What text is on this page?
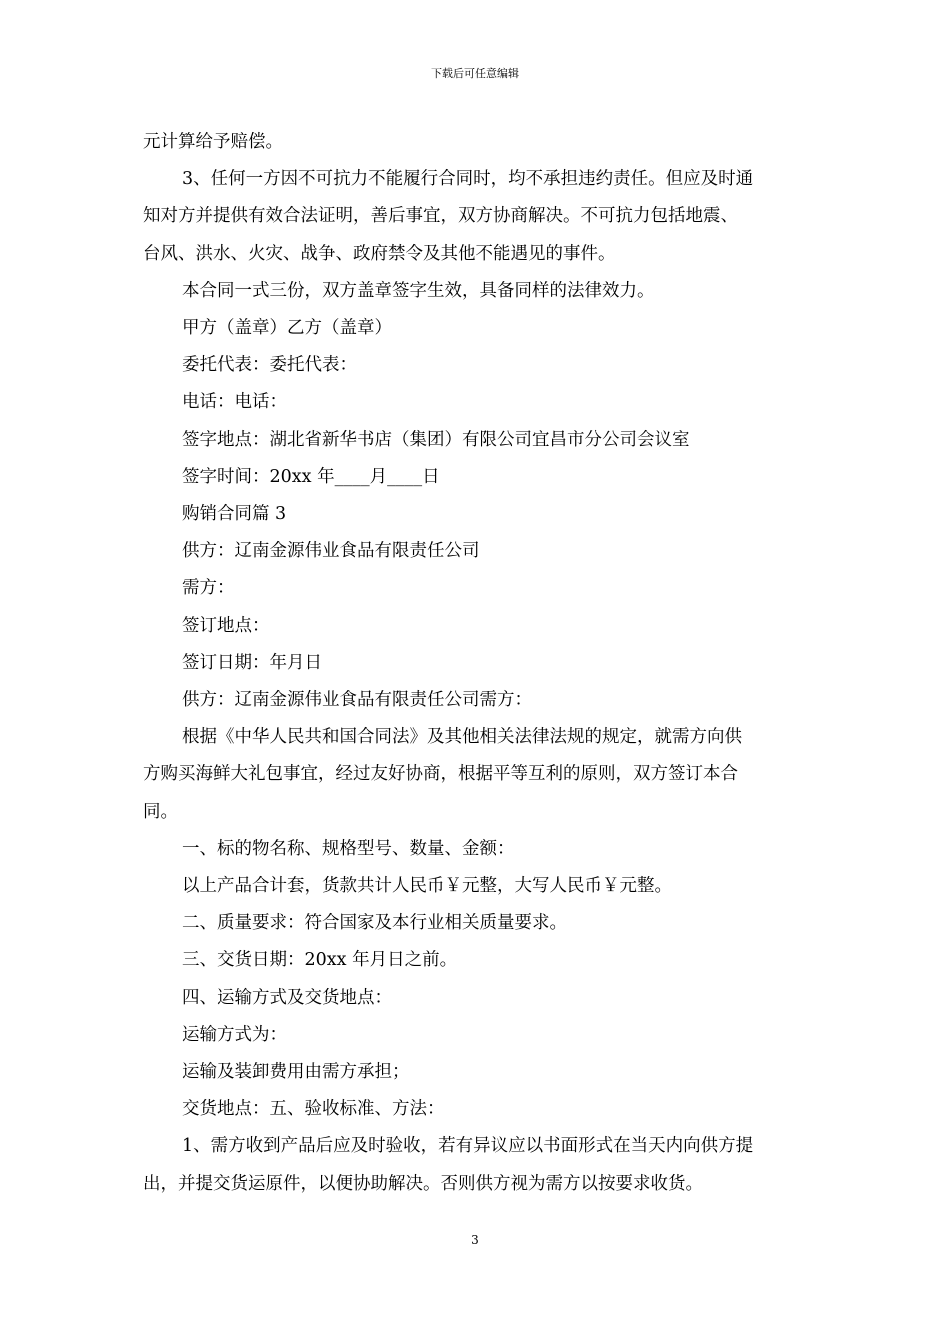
下载后可任意编辑

元计算给予赔偿。

3、任何一方因不可抗力不能履行合同时，均不承担违约责任。但应及时通

知对方并提供有效合法证明，善后事宜，双方协商解决。不可抗力包括地震、

台风、洪水、火灾、战争、政府禁令及其他不能遇见的事件。

本合同一式三份，双方盖章签字生效，具备同样的法律效力。

甲方（盖章）乙方（盖章）

委托代表：委托代表：

电话：电话：

签字地点：湖北省新华书店（集团）有限公司宜昌市分公司会议室

签字时间：20xx 年____月____日

购销合同篇 3

供方：辽南金源伟业食品有限责任公司

需方：

签订地点：

签订日期：年月日

供方：辽南金源伟业食品有限责任公司需方：

根据《中华人民共和国合同法》及其他相关法律法规的规定，就需方向供

方购买海鲜大礼包事宜，经过友好协商，根据平等互利的原则，双方签订本合

同。

一、标的物名称、规格型号、数量、金额：

以上产品合计套，货款共计人民币￥元整，大写人民币￥元整。

二、质量要求：符合国家及本行业相关质量要求。

三、交货日期：20xx 年月日之前。

四、运输方式及交货地点：

运输方式为：

运输及装卸费用由需方承担；

交货地点：五、验收标准、方法：

1、需方收到产品后应及时验收，若有异议应以书面形式在当天内向供方提

出，并提交货运原件，以便协助解决。否则供方视为需方以按要求收货。

3
